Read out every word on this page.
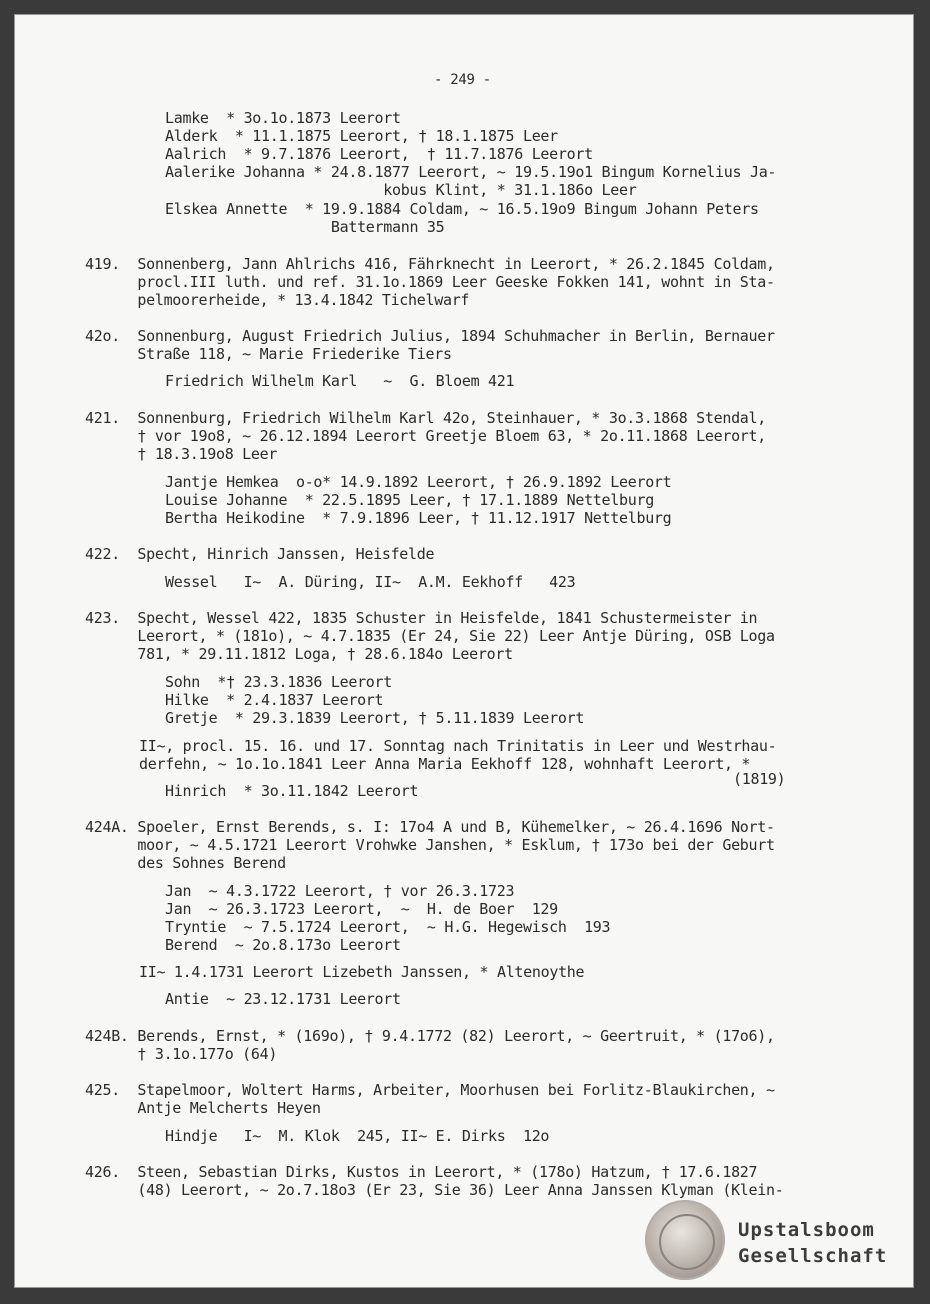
- 249 -
Lamke  * 3o.1o.1873 Leerort
Alderk  * 11.1.1875 Leerort, † 18.1.1875 Leer
Aalrich  * 9.7.1876 Leerort,  † 11.7.1876 Leerort
Aalerike Johanna * 24.8.1877 Leerort, ~ 19.5.19o1 Bingum Kornelius Ja-
kobus Klint, * 31.1.186o Leer
Elskea Annette  * 19.9.1884 Coldam, ~ 16.5.19o9 Bingum Johann Peters
Battermann 35
419.  Sonnenberg, Jann Ahlrichs 416, Fährknecht in Leerort, * 26.2.1845 Coldam,
procl.III luth. und ref. 31.1o.1869 Leer Geeske Fokken 141, wohnt in Sta-
pelmoorerheide, * 13.4.1842 Tichelwarf
42o.  Sonnenburg, August Friedrich Julius, 1894 Schuhmacher in Berlin, Bernauer
Straße 118, ~ Marie Friederike Tiers
Friedrich Wilhelm Karl   ~  G. Bloem 421
421.  Sonnenburg, Friedrich Wilhelm Karl 42o, Steinhauer, * 3o.3.1868 Stendal,
† vor 19o8, ~ 26.12.1894 Leerort Greetje Bloem 63, * 2o.11.1868 Leerort,
† 18.3.19o8 Leer
Jantje Hemkea  o-o* 14.9.1892 Leerort, † 26.9.1892 Leerort
Louise Johanne  * 22.5.1895 Leer, † 17.1.1889 Nettelburg
Bertha Heikodine  * 7.9.1896 Leer, † 11.12.1917 Nettelburg
422.  Specht, Hinrich Janssen, Heisfelde
Wessel   I~  A. Düring, II~  A.M. Eekhoff   423
423.  Specht, Wessel 422, 1835 Schuster in Heisfelde, 1841 Schustermeister in
Leerort, * (181o), ~ 4.7.1835 (Er 24, Sie 22) Leer Antje Düring, OSB Loga
781, * 29.11.1812 Loga, † 28.6.184o Leerort
Sohn  *† 23.3.1836 Leerort
Hilke  * 2.4.1837 Leerort
Gretje  * 29.3.1839 Leerort, † 5.11.1839 Leerort
II~, procl. 15. 16. und 17. Sonntag nach Trinitatis in Leer und Westrhau-
derfehn, ~ 1o.1o.1841 Leer Anna Maria Eekhoff 128, wohnhaft Leerort, *
(1819)
Hinrich  * 3o.11.1842 Leerort
424A. Spoeler, Ernst Berends, s. I: 17o4 A und B, Kühemelker, ~ 26.4.1696 Nort-
moor, ~ 4.5.1721 Leerort Vrohwke Janshen, * Esklum, † 173o bei der Geburt
des Sohnes Berend
Jan  ~ 4.3.1722 Leerort, † vor 26.3.1723
Jan  ~ 26.3.1723 Leerort,  ~  H. de Boer  129
Tryntie  ~ 7.5.1724 Leerort,  ~ H.G. Hegewisch  193
Berend  ~ 2o.8.173o Leerort
II~ 1.4.1731 Leerort Lizebeth Janssen, * Altenoythe
Antie  ~ 23.12.1731 Leerort
424B. Berends, Ernst, * (169o), † 9.4.1772 (82) Leerort, ~ Geertruit, * (17o6),
† 3.1o.177o (64)
425.  Stapelmoor, Woltert Harms, Arbeiter, Moorhusen bei Forlitz-Blaukirchen, ~
Antje Melcherts Heyen
Hindje   I~  M. Klok  245, II~ E. Dirks  12o
426.  Steen, Sebastian Dirks, Kustos in Leerort, * (178o) Hatzum, † 17.6.1827
(48) Leerort, ~ 2o.7.18o3 (Er 23, Sie 36) Leer Anna Janssen Klyman (Klein-
Upstalsboom
Gesellschaft
